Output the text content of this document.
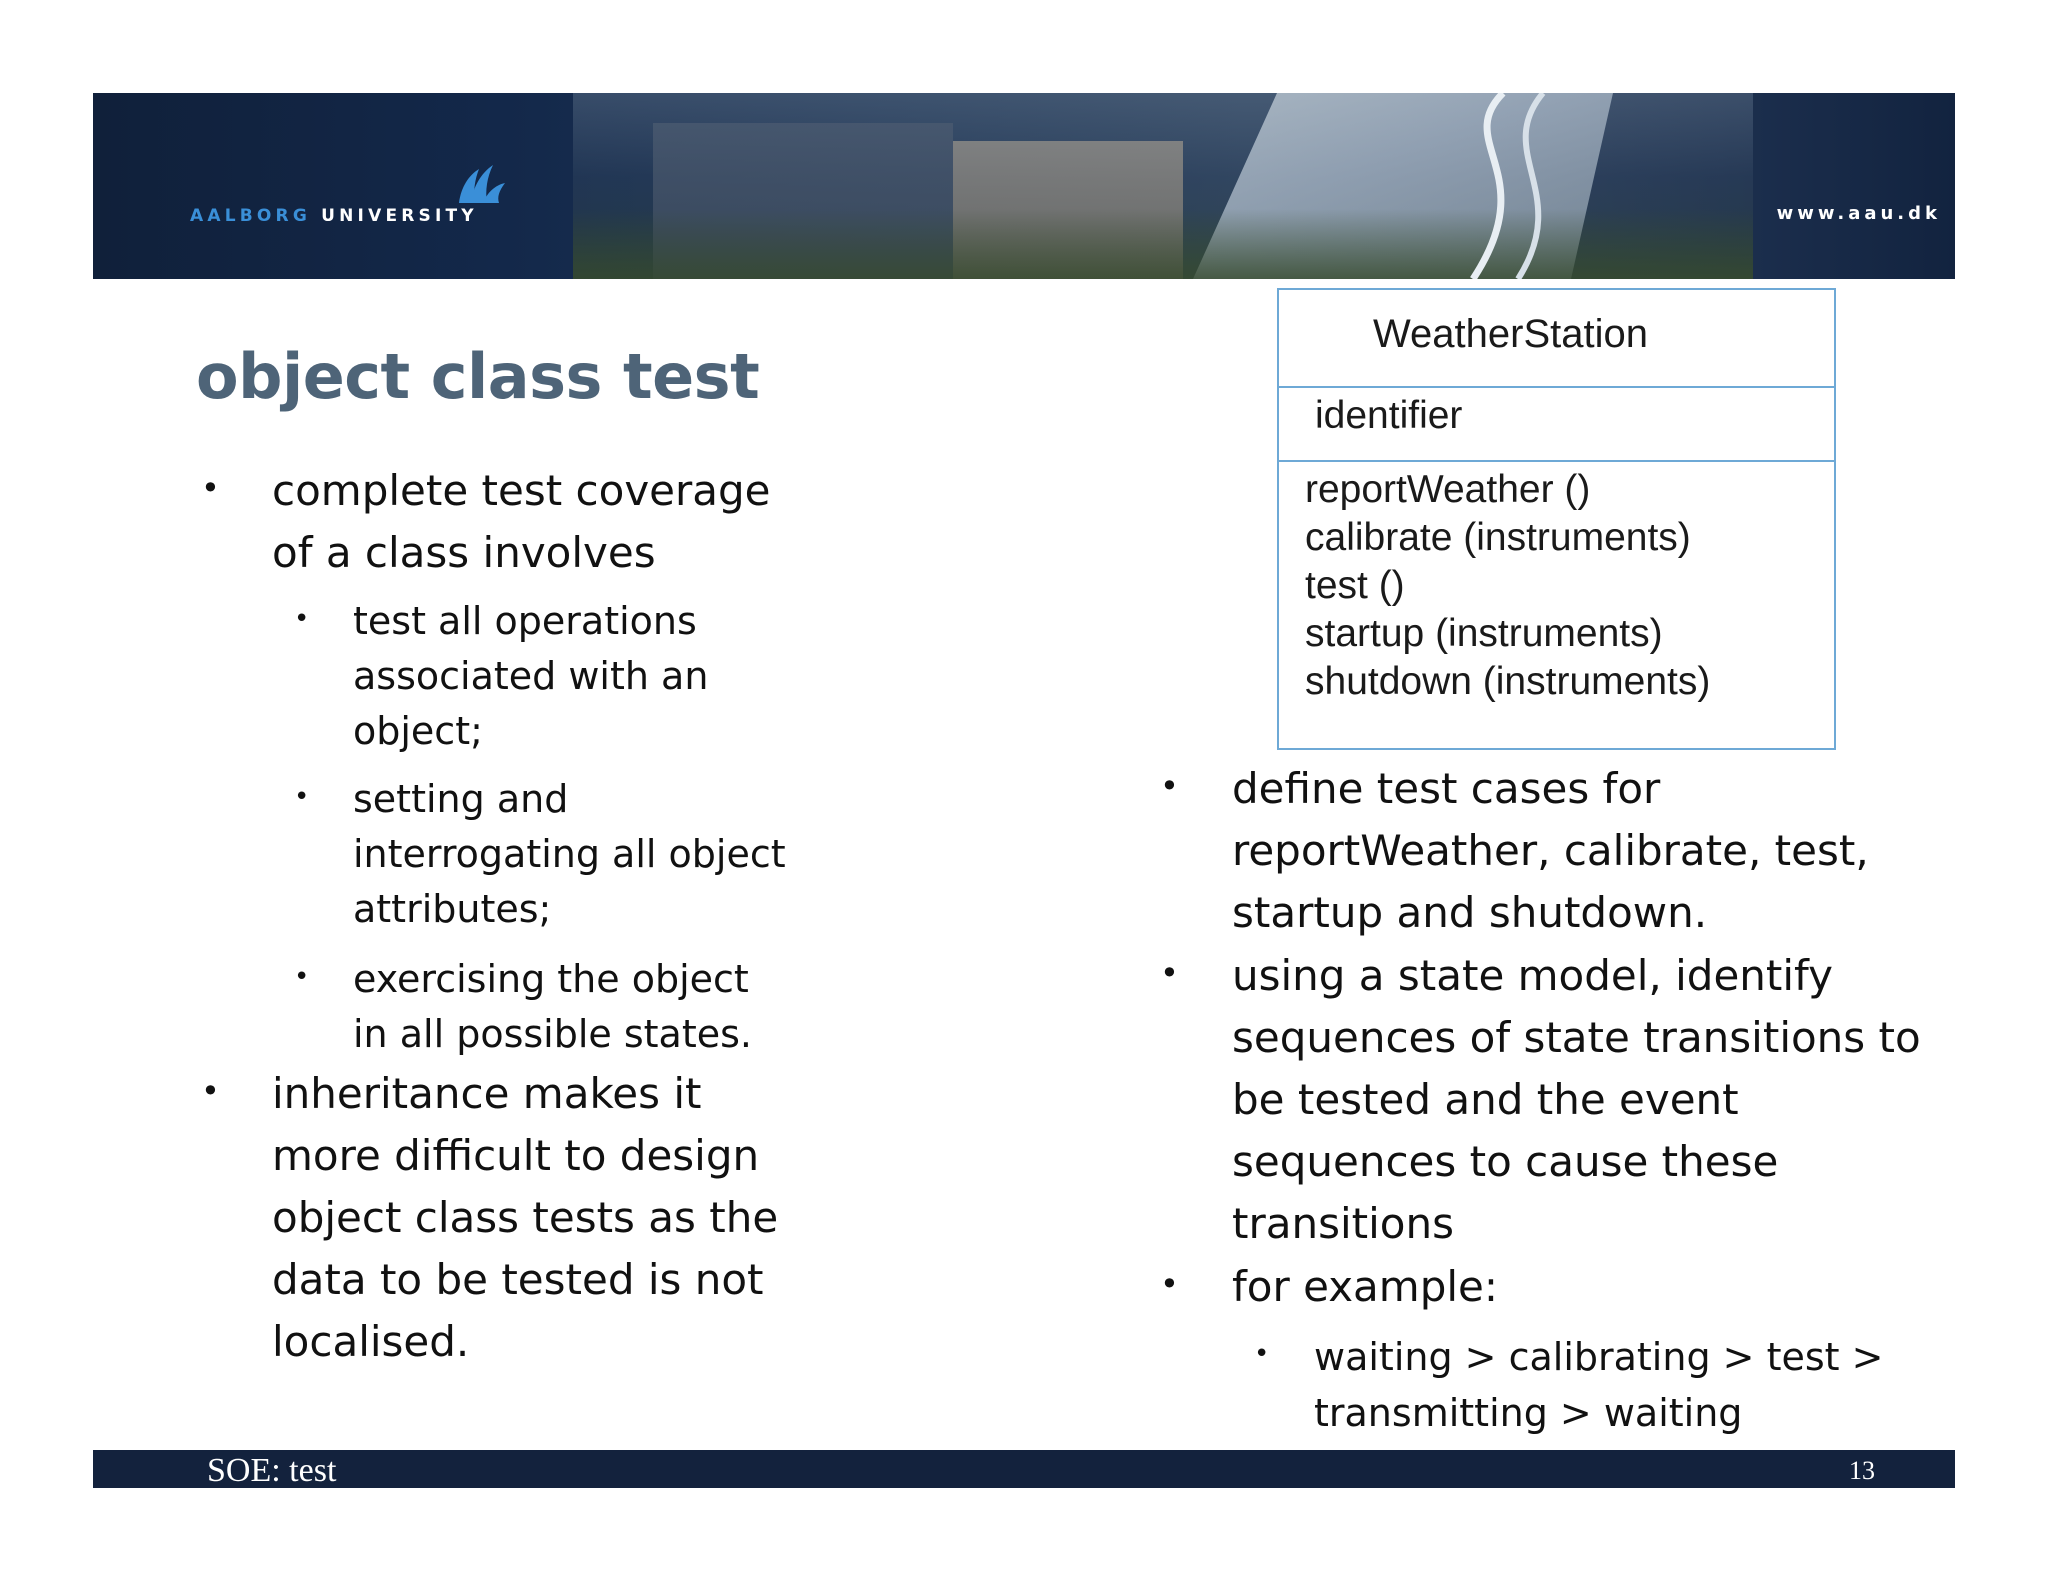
AALBORG UNIVERSITY	www.aau.dk
object class test
• complete test coverage
of a class involves
• test all operations
associated with an
object;
• setting and
interrogating all object
attributes;
• exercising the object
in all possible states.
• inheritance makes it
more difficult to design
object class tests as the
data to be tested is not
localised.
WeatherStation
identifier
reportWeather ()
calibrate (instruments)
test ()
startup (instruments)
shutdown (instruments)
• define test cases for
reportWeather, calibrate, test,
startup and shutdown.
• using a state model, identify
sequences of state transitions to
be tested and the event
sequences to cause these
transitions
• for example:
• waiting > calibrating > test >
transmitting > waiting
SOE: test	13
